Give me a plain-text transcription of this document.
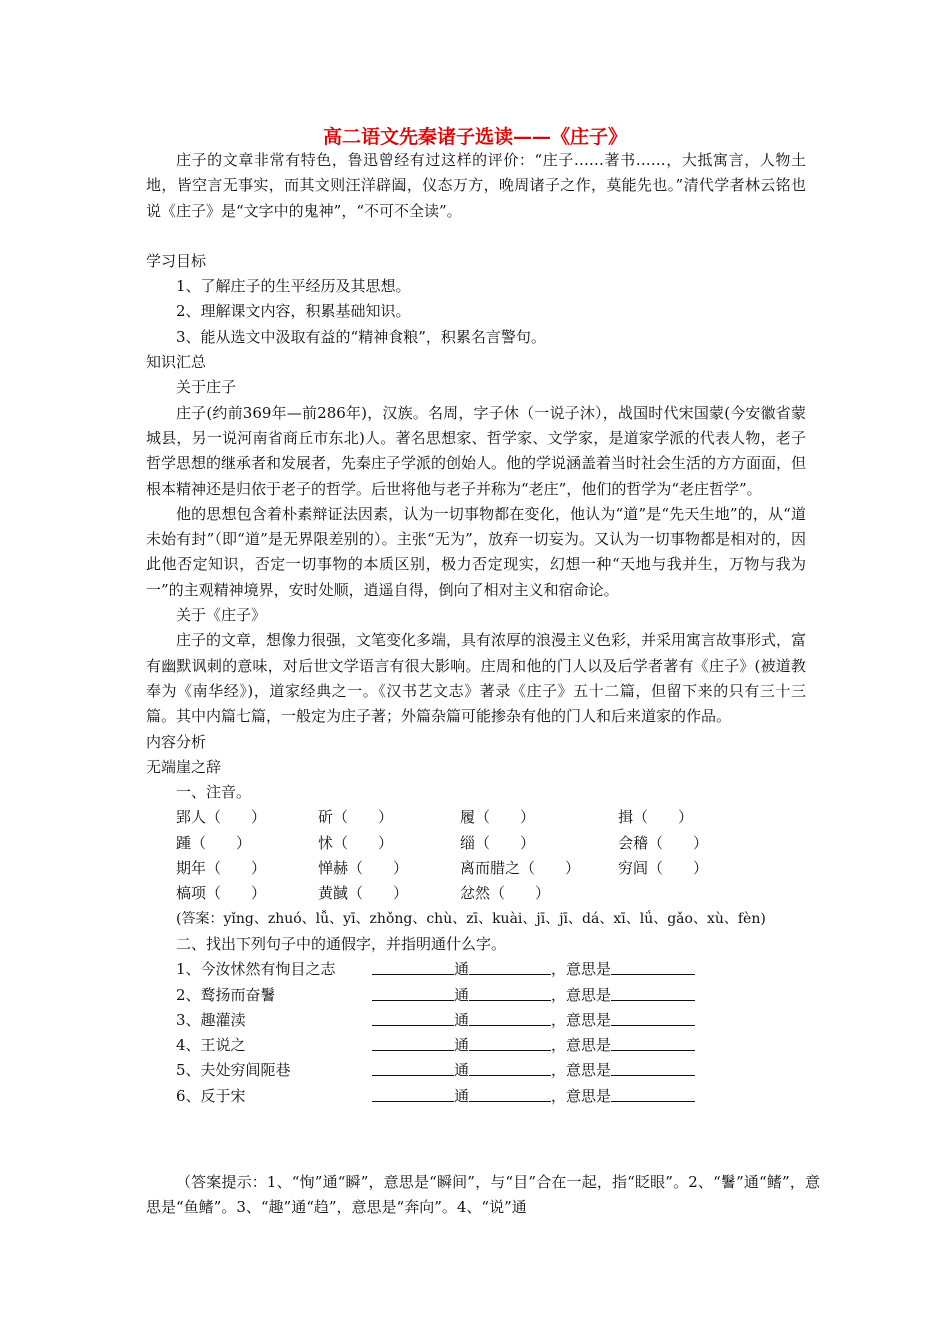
高二语文先秦诸子选读——《庄子》

庄子的文章非常有特色，鲁迅曾经有过这样的评价：“庄子……著书……，大抵寓言，人物土地，皆空言无事实，而其文则汪洋辟阖，仪态万方，晚周诸子之作，莫能先也。”清代学者林云铭也说《庄子》是“文字中的鬼神”，“不可不全读”。

学习目标

1、了解庄子的生平经历及其思想。

2、理解课文内容，积累基础知识。

3、能从选文中汲取有益的“精神食粮”，积累名言警句。

知识汇总

关于庄子

庄子(约前369年—前286年)，汉族。名周，字子休（一说子沐），战国时代宋国蒙(今安徽省蒙城县，另一说河南省商丘市东北)人。著名思想家、哲学家、文学家，是道家学派的代表人物，老子哲学思想的继承者和发展者，先秦庄子学派的创始人。他的学说涵盖着当时社会生活的方方面面，但根本精神还是归依于老子的哲学。后世将他与老子并称为“老庄”，他们的哲学为“老庄哲学”。

他的思想包含着朴素辩证法因素，认为一切事物都在变化，他认为“道”是“先天生地”的，从“道未始有封”（即“道”是无界限差别的）。主张“无为”，放弃一切妄为。又认为一切事物都是相对的，因此他否定知识，否定一切事物的本质区别，极力否定现实，幻想一种“天地与我并生，万物与我为一”的主观精神境界，安时处顺，逍遥自得，倒向了相对主义和宿命论。

关于《庄子》

庄子的文章，想像力很强，文笔变化多端，具有浓厚的浪漫主义色彩，并采用寓言故事形式，富有幽默讽刺的意味，对后世文学语言有很大影响。庄周和他的门人以及后学者著有《庄子》(被道教奉为《南华经》)，道家经典之一。《汉书艺文志》著录《庄子》五十二篇，但留下来的只有三十三篇。其中内篇七篇，一般定为庄子著；外篇杂篇可能掺杂有他的门人和后来道家的作品。

内容分析

无端崖之辞

一、注音。

郢人（　　）	斫（　　）	履（　　）	揖（　　）
踵（　　）	怵（　　）	缁（　　）	会稽（　　）
期年（　　）	惮赫（　　）	离而腊之（　　）	穷闾（　　）
槁项（　　）	黄馘（　　）	忿然（　　）
(答案：yǐng、zhuó、lǚ、yī、zhǒng、chù、zī、kuài、jī、jī、dá、xī、lǘ、gǎo、xù、fèn)

二、找出下列句子中的通假字，并指明通什么字。

1、今汝怵然有恂目之志	通	，意思是
2、鹜扬而奋鬐	通	，意思是
3、趣灌渎	通	，意思是
4、王说之	通	，意思是
5、夫处穷闾阨巷	通	，意思是
6、反于宋	通	，意思是

（答案提示：1、“恂”通“瞬”，意思是“瞬间”，与“目”合在一起，指“眨眼”。2、“鬐”通“鳍”，意思是“鱼鳍”。3、“趣”通“趋”，意思是“奔向”。4、“说”通
